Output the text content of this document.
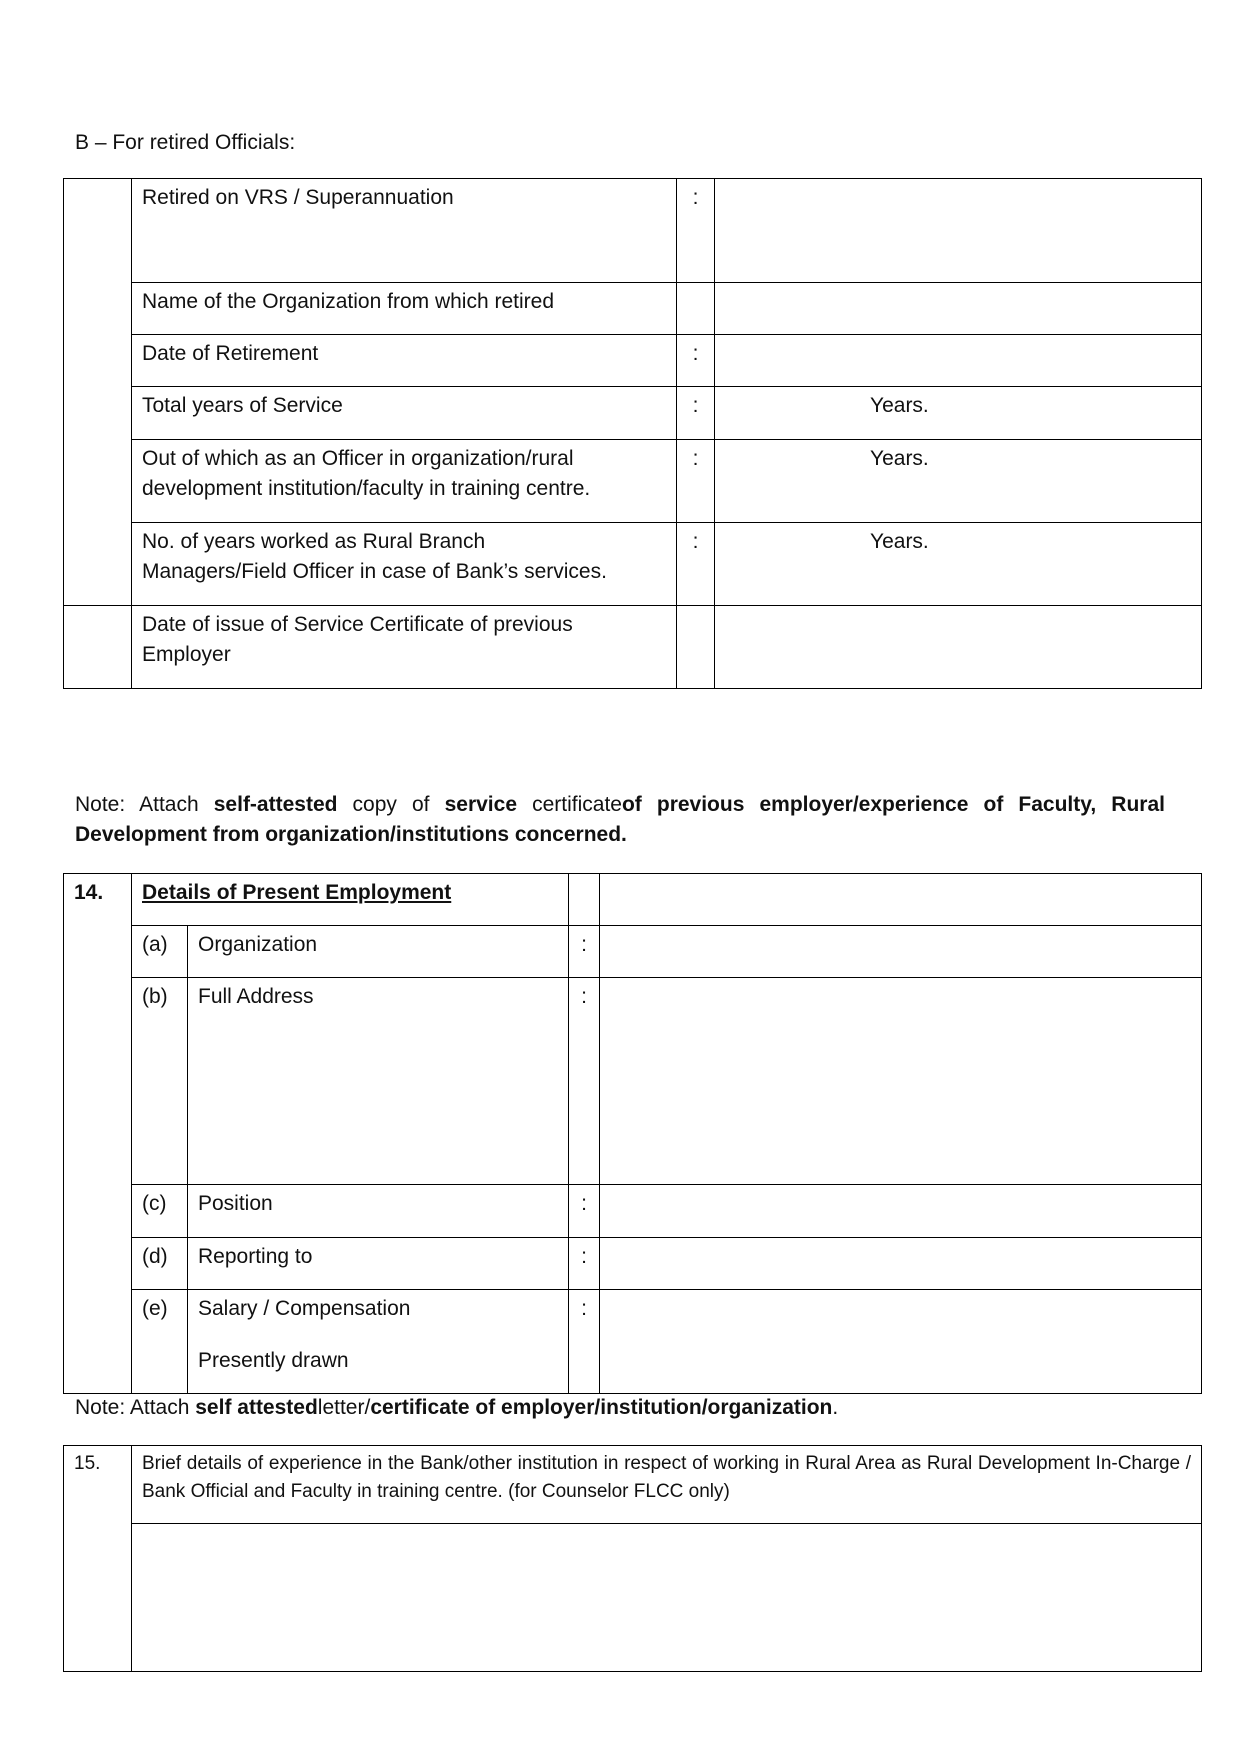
B – For retired Officials:
	Retired on VRS / Superannuation	:	
	Name of the Organization from which retired		
	Date of Retirement	:	
	Total years of Service	:	Years.

	Out of which as an Officer in organization/rural
development institution/faculty in training centre.	:	Years.

	No. of years worked as Rural Branch
Managers/Field Officer in case of Bank’s services.	:	Years.

	Date of issue of Service Certificate of previous
Employer		

Note: Attach self-attested copy of service certificateof previous employer/experience of Faculty, Rural Development from organization/institutions concerned.
14.	Details of Present Employment			
	(a)	Organization	:	
	(b)	Full Address	:	
	(c)	Position	:	
	(d)	Reporting to	:	
	(e)	Salary / Compensation
Presently drawn	:	
Note: Attach self attestedletter/certificate of employer/institution/organization.
15.	Brief details of experience in the Bank/other institution in respect of working in Rural Area as Rural Development In-Charge / Bank Official and Faculty in training centre. (for Counselor FLCC only)
